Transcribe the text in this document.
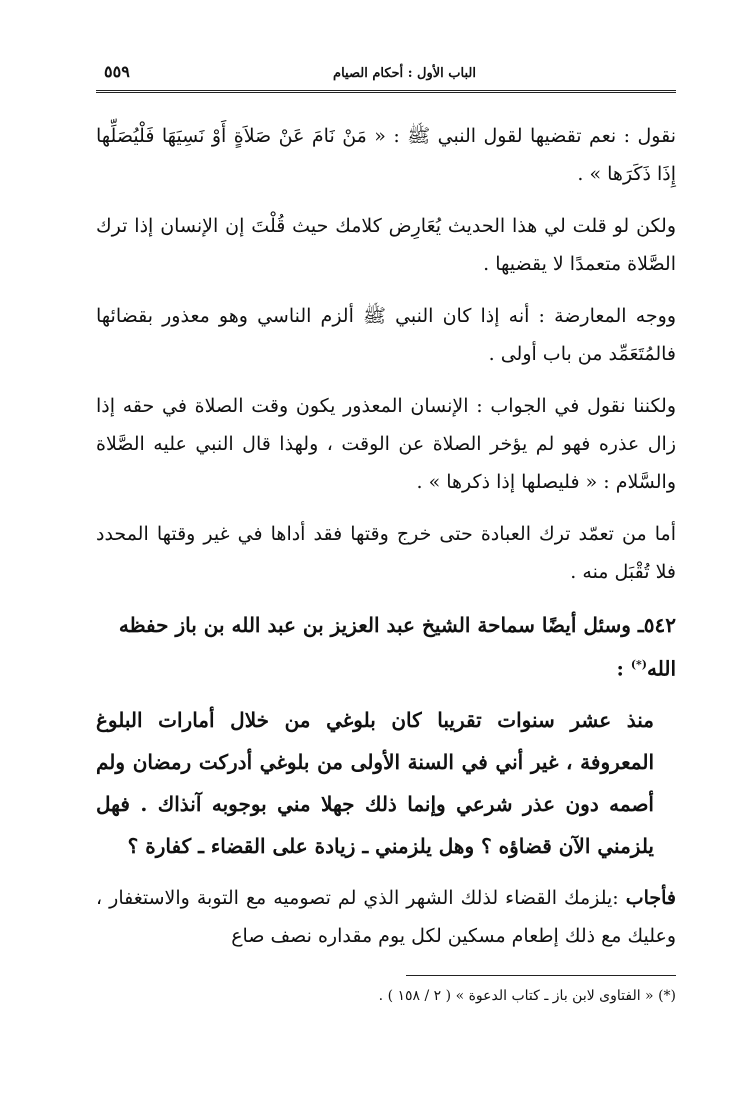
الباب الأول : أحكام الصيام
٥٥٩

نقول : نعم تقضيها لقول النبي ﷺ : « مَنْ نَامَ عَنْ صَلاَةٍ أَوْ نَسِيَهَا فَلْيُصَلِّها إِذَا ذَكَرَها » .

ولكن لو قلت لي هذا الحديث يُعَارِض كلامك حيث قُلْتَ إن الإنسان إذا ترك الصَّلاة متعمدًا لا يقضيها .

ووجه المعارضة : أنه إذا كان النبي ﷺ ألزم الناسي وهو معذور بقضائها فالمُتَعَمِّد من باب أولى .

ولكننا نقول في الجواب : الإنسان المعذور يكون وقت الصلاة في حقه إذا زال عذره فهو لم يؤخر الصلاة عن الوقت ، ولهذا قال النبي عليه الصَّلاة والسَّلام : « فليصلها إذا ذكرها » .

أما من تعمّد ترك العبادة حتى خرج وقتها فقد أداها في غير وقتها المحدد فلا تُقْبَل منه .

٥٤٢ـ وسئل أيضًا سماحة الشيخ عبد العزيز بن عبد الله بن باز حفظه الله(*) :

منذ عشر سنوات تقريبا كان بلوغي من خلال أمارات البلوغ المعروفة ، غير أني في السنة الأولى من بلوغي أدركت رمضان ولم أصمه دون عذر شرعي وإنما ذلك جهلا مني بوجوبه آنذاك . فهل يلزمني الآن قضاؤه ؟ وهل يلزمني ـ زيادة على القضاء ـ كفارة ؟

فأجاب :يلزمك القضاء لذلك الشهر الذي لم تصوميه مع التوبة والاستغفار ، وعليك مع ذلك إطعام مسكين لكل يوم مقداره نصف صاع

(*) « الفتاوى لابن باز ـ كتاب الدعوة » ( ٢ / ١٥٨ ) .
